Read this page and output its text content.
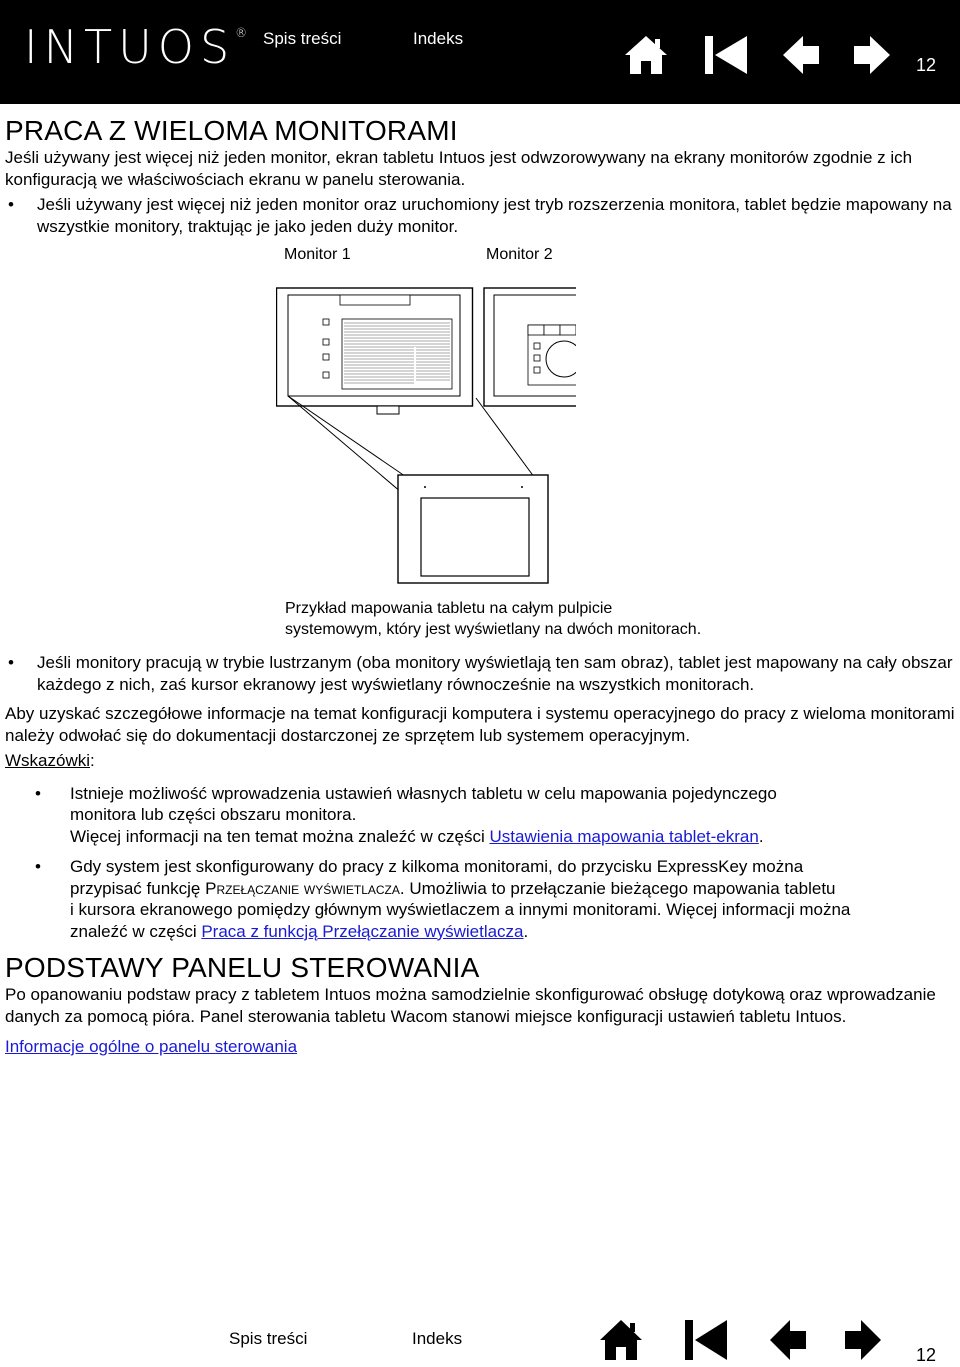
INTUOS® Spis treści	Indeks
12
PRACA Z WIELOMA MONITORAMI

Jeśli używany jest więcej niż jeden monitor, ekran tabletu Intuos jest odwzorowywany na ekrany monitorów zgodnie z ich konfiguracją we właściwościach ekranu w panelu sterowania.

• Jeśli używany jest więcej niż jeden monitor oraz uruchomiony jest tryb rozszerzenia monitora, tablet będzie mapowany na wszystkie monitory, traktując je jako jeden duży monitor.
Monitor 1	Monitor 2
Przykład mapowania tabletu na całym pulpicie
systemowym, który jest wyświetlany na dwóch monitorach.
• Jeśli monitory pracują w trybie lustrzanym (oba monitory wyświetlają ten sam obraz), tablet jest mapowany na cały obszar każdego z nich, zaś kursor ekranowy jest wyświetlany równocześnie na wszystkich monitorach.

Aby uzyskać szczegółowe informacje na temat konfiguracji komputera i systemu operacyjnego do pracy z wieloma monitorami należy odwołać się do dokumentacji dostarczonej ze sprzętem lub systemem operacyjnym.

Wskazówki:

• Istnieje możliwość wprowadzenia ustawień własnych tabletu w celu mapowania pojedynczego
monitora lub części obszaru monitora.
Więcej informacji na ten temat można znaleźć w części Ustawienia mapowania tablet-ekran.
• Gdy system jest skonfigurowany do pracy z kilkoma monitorami, do przycisku ExpressKey można
przypisać funkcję Przełączanie wyświetlacza. Umożliwia to przełączanie bieżącego mapowania tabletu
i kursora ekranowego pomiędzy głównym wyświetlaczem a innymi monitorami. Więcej informacji można
znaleźć w części Praca z funkcją Przełączanie wyświetlacza.
PODSTAWY PANELU STEROWANIA

Po opanowaniu podstaw pracy z tabletem Intuos można samodzielnie skonfigurować obsługę dotykową oraz wprowadzanie danych za pomocą pióra. Panel sterowania tabletu Wacom stanowi miejsce konfiguracji ustawień tabletu Intuos.

Informacje ogólne o panelu sterowania

Spis treści	Indeks
12
